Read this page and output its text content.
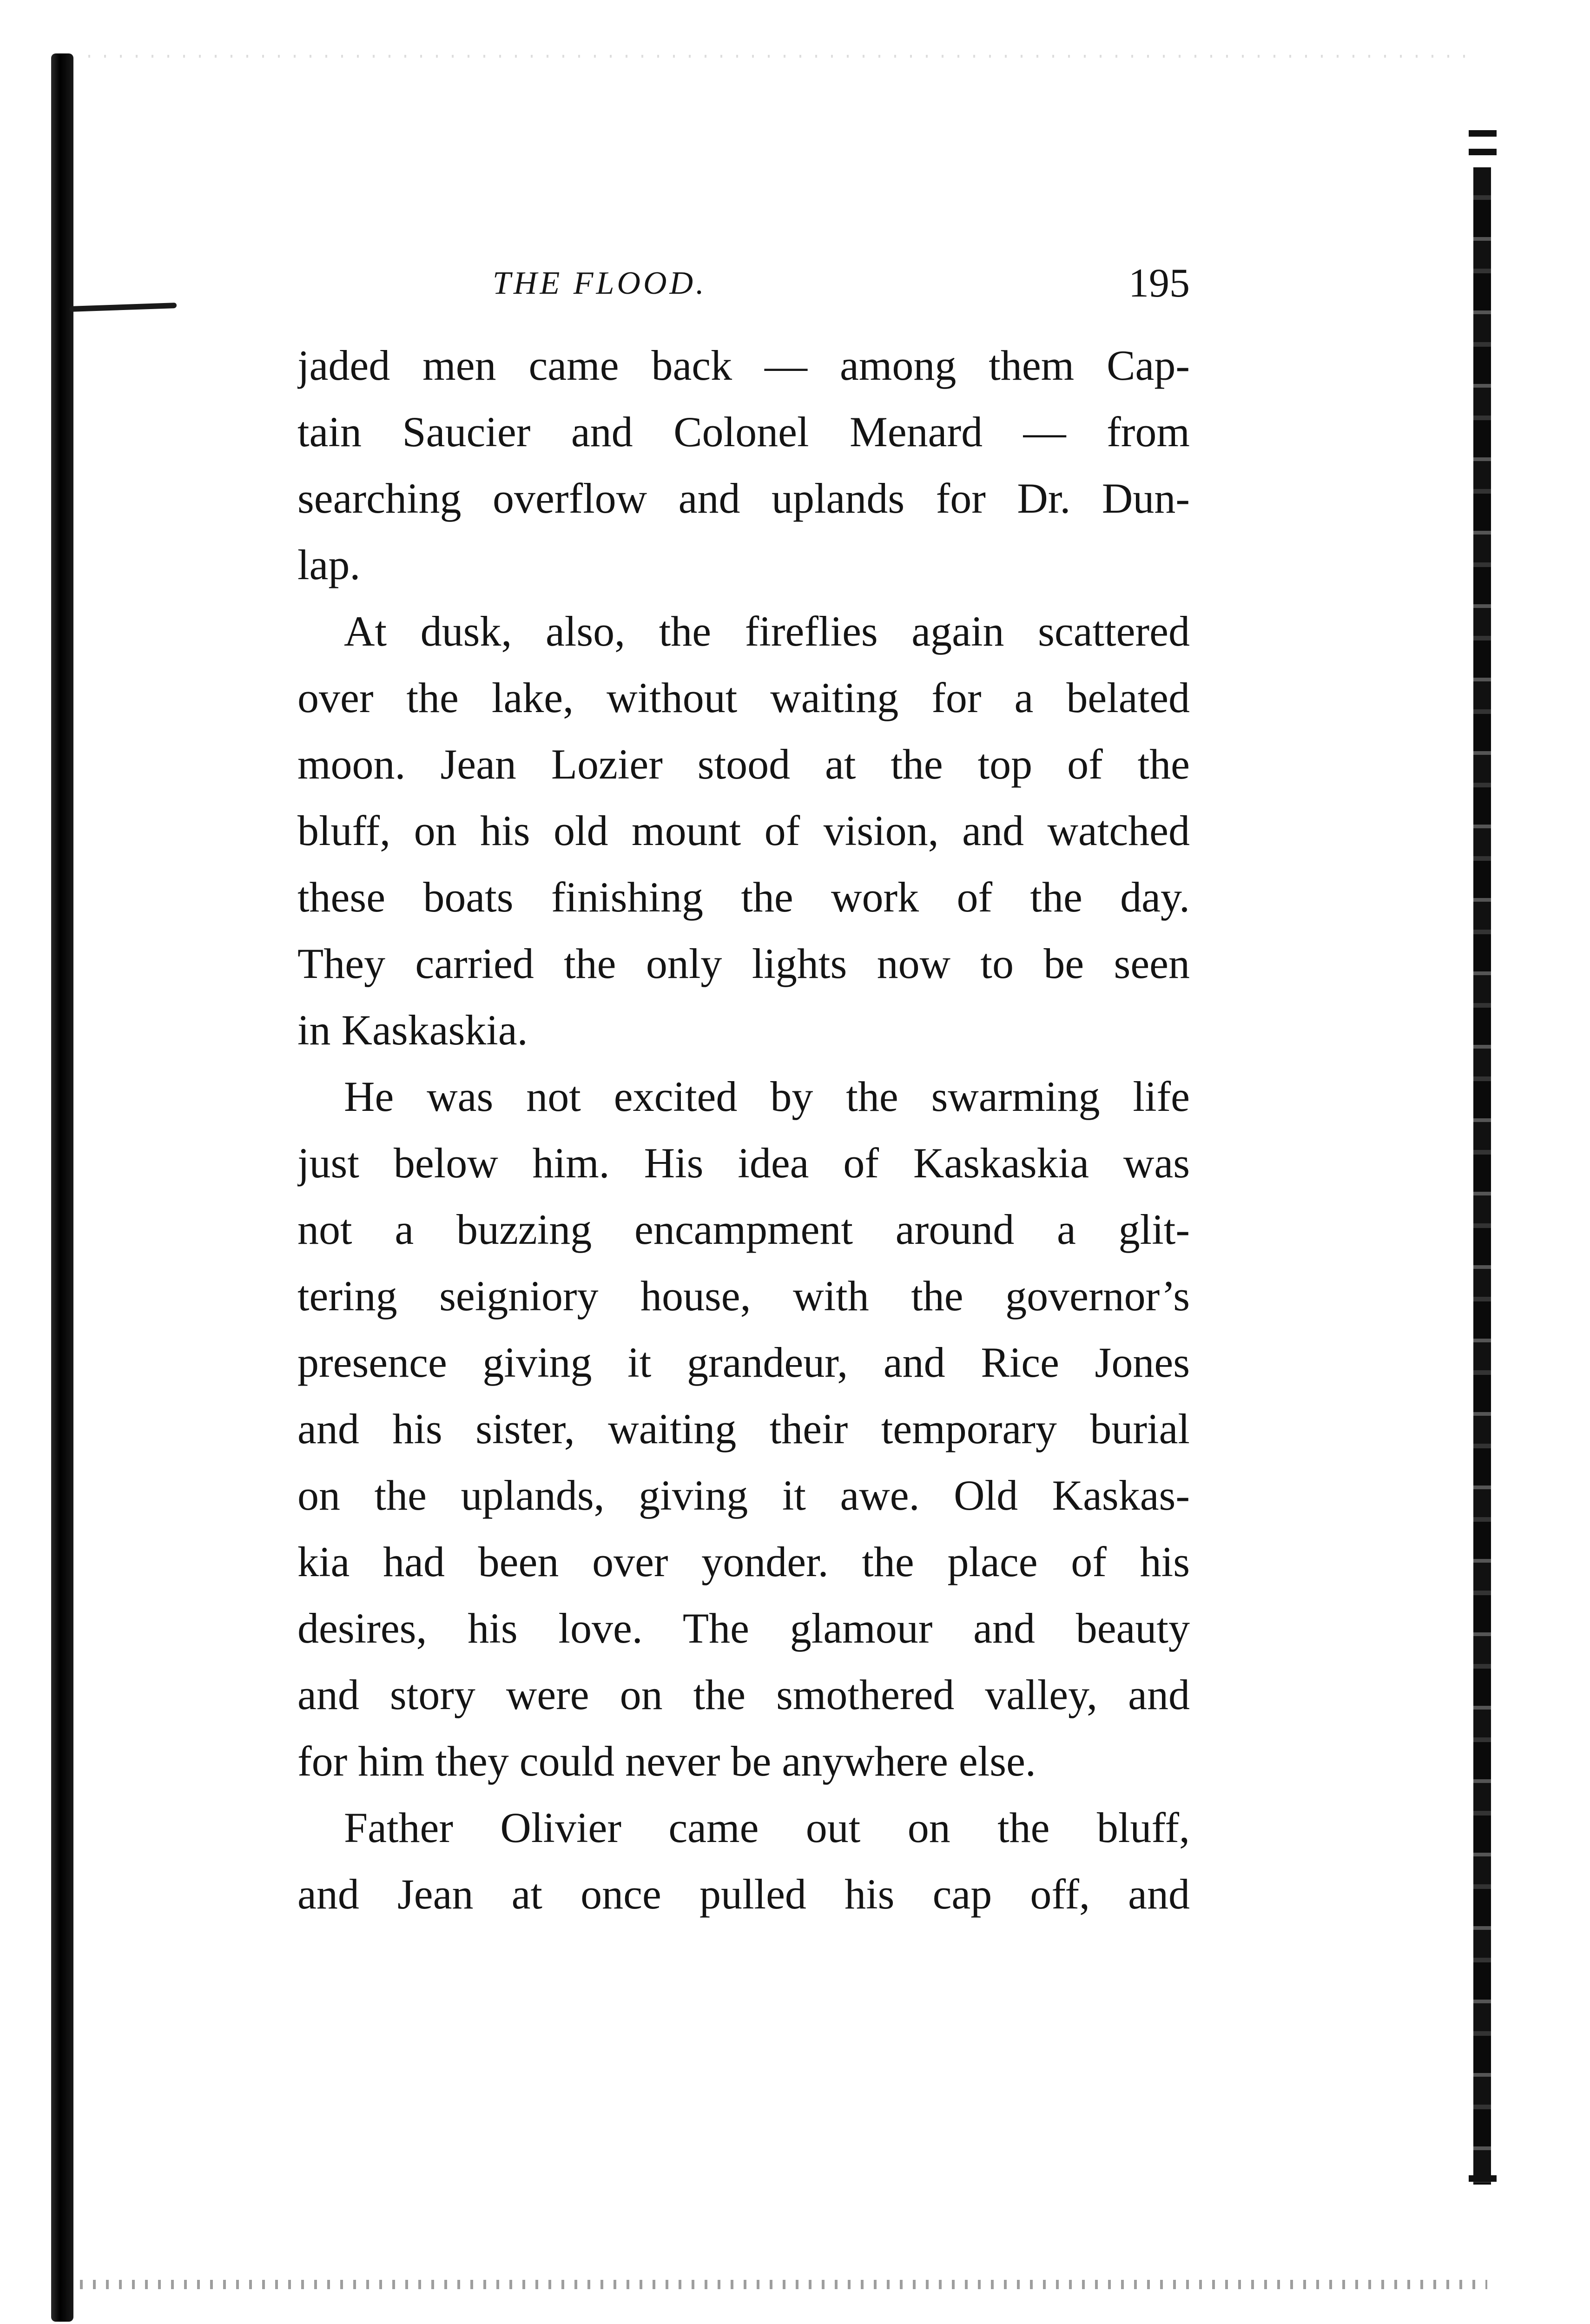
THE FLOOD.	195
jaded men came back — among them Cap-
tain Saucier and Colonel Menard — from
searching overflow and uplands for Dr. Dun-
lap.
At dusk, also, the fireflies again scattered
over the lake, without waiting for a belated
moon. Jean Lozier stood at the top of the
bluff, on his old mount of vision, and watched
these boats finishing the work of the day.
They carried the only lights now to be seen
in Kaskaskia.
He was not excited by the swarming life
just below him. His idea of Kaskaskia was
not a buzzing encampment around a glit-
tering seigniory house, with the governor’s
presence giving it grandeur, and Rice Jones
and his sister, waiting their temporary burial
on the uplands, giving it awe. Old Kaskas-
kia had been over yonder. the place of his
desires, his love. The glamour and beauty
and story were on the smothered valley, and
for him they could never be anywhere else.
Father Olivier came out on the bluff,
and Jean at once pulled his cap off, and
